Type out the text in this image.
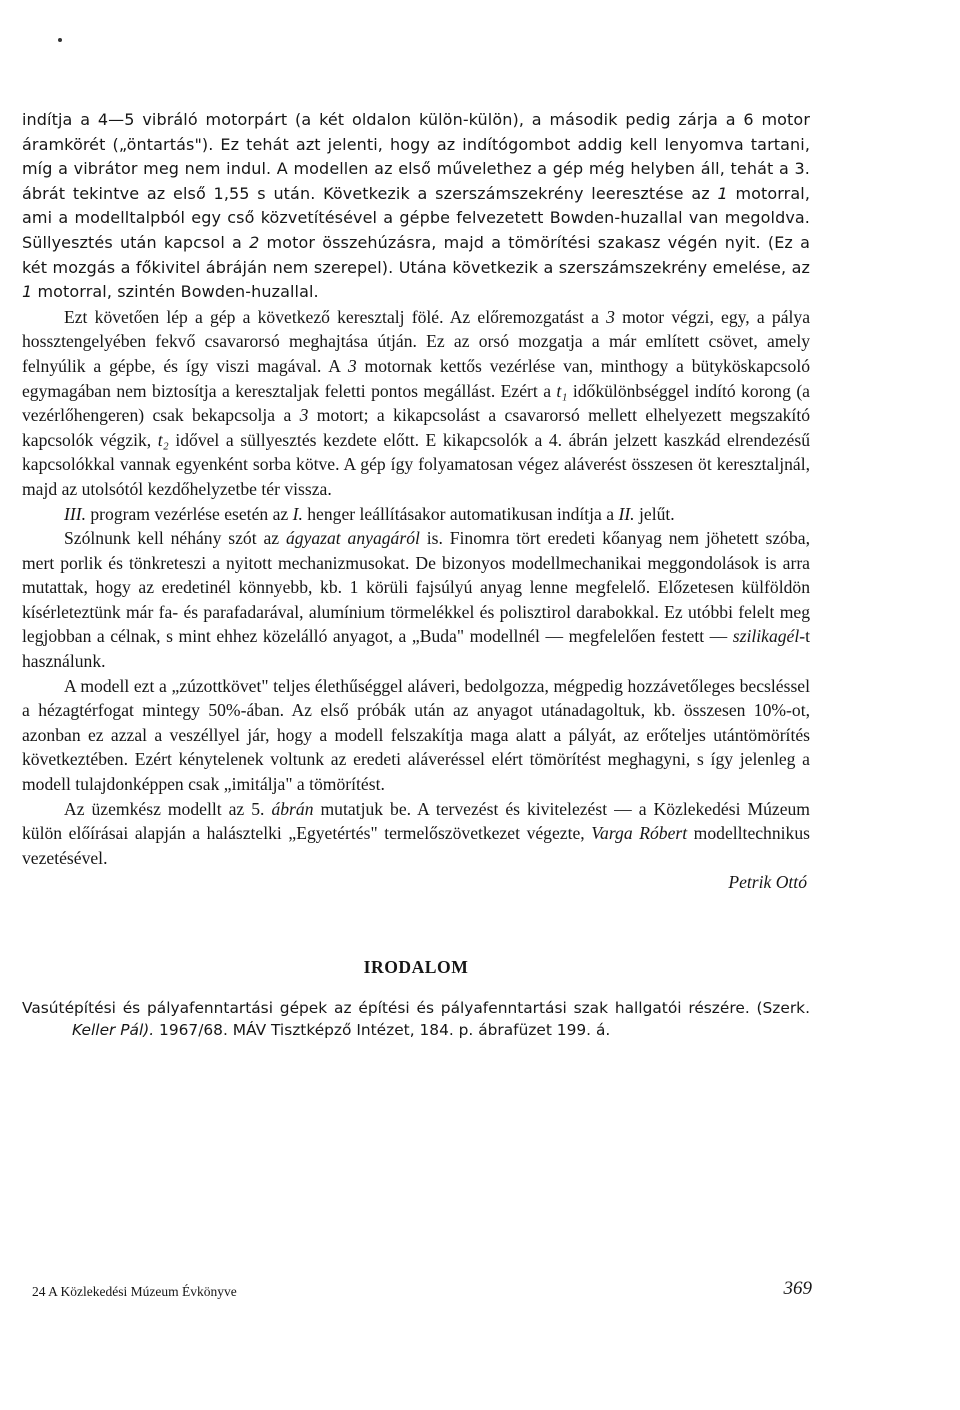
indítja a 4—5 vibráló motorpárt (a két oldalon külön-külön), a második pedig zárja a 6 motor áramkörét („öntartás"). Ez tehát azt jelenti, hogy az indítógombot addig kell lenyomva tartani, míg a vibrátor meg nem indul. A modellen az első művelethez a gép még helyben áll, tehát a 3. ábrát tekintve az első 1,55 s után. Következik a szerszámszekrény leeresztése az 1 motorral, ami a modelltalpból egy cső közvetítésével a gépbe felvezetett Bowden-huzallal van megoldva. Süllyesztés után kapcsol a 2 motor összehúzásra, majd a tömörítési szakasz végén nyit. (Ez a két mozgás a főkivitel ábráján nem szerepel). Utána következik a szerszámszekrény emelése, az 1 motorral, szintén Bowden-huzallal.

Ezt követően lép a gép a következő keresztalj fölé. Az előremozgatást a 3 motor végzi, egy, a pálya hossztengelyében fekvő csavarorsó meghajtása útján. Ez az orsó mozgatja a már említett csövet, amely felnyúlik a gépbe, és így viszi magával. A 3 motornak kettős vezérlése van, minthogy a bütyköskapcsoló egymagában nem biztosítja a keresztaljak feletti pontos megállást. Ezért a t₁ időkülönbséggel indító korong (a vezérlőhengeren) csak bekapcsolja a 3 motort; a kikapcsolást a csavarorsó mellett elhelyezett megszakító kapcsolók végzik, t₂ idővel a süllyesztés kezdete előtt. E kikapcsolók a 4. ábrán jelzett kaszkád elrendezésű kapcsolókkal vannak egyenként sorba kötve. A gép így folyamatosan végez aláverést összesen öt keresztaljnál, majd az utolsótól kezdőhelyzetbe tér vissza.

III. program vezérlése esetén az I. henger leállításakor automatikusan indítja a II. jelűt.

Szólnunk kell néhány szót az ágyazat anyagáról is. Finomra tört eredeti kőanyag nem jöhetett szóba, mert porlik és tönkreteszi a nyitott mechanizmusokat. De bizonyos modellmechanikai meggondolások is arra mutattak, hogy az eredetinél könnyebb, kb. 1 körüli fajsúlyú anyag lenne megfelelő. Előzetesen külföldön kísérleteztünk már fa- és parafadarával, alumínium törmelékkel és polisztirol darabokkal. Ez utóbbi felelt meg legjobban a célnak, s mint ehhez közelálló anyagot, a „Buda" modellnél — megfelelően festett — szilikagél-t használunk.

A modell ezt a „zúzottkövet" teljes élethűséggel aláveri, bedolgozza, mégpedig hozzávetőleges becsléssel a hézagtérfogat mintegy 50%-ában. Az első próbák után az anyagot utánadagoltuk, kb. összesen 10%-ot, azonban ez azzal a veszéllyel jár, hogy a modell felszakítja maga alatt a pályát, az erőteljes utántömörítés következtében. Ezért kénytelenek voltunk az eredeti aláveréssel elért tömörítést meghagyni, s így jelenleg a modell tulajdonképpen csak „imitálja" a tömörítést.

Az üzemkész modellt az 5. ábrán mutatjuk be. A tervezést és kivitelezést — a Közlekedési Múzeum külön előírásai alapján a halásztelki „Egyetértés" termelőszövetkezet végezte, Varga Róbert modelltechnikus vezetésével.

Petrik Ottó

IRODALOM

Vasútépítési és pályafenntartási gépek az építési és pályafenntartási szak hallgatói részére. (Szerk. Keller Pál). 1967/68. MÁV Tisztképző Intézet, 184. p. ábrafüzet 199. á.

24 A Közlekedési Múzeum Évkönyve	369
